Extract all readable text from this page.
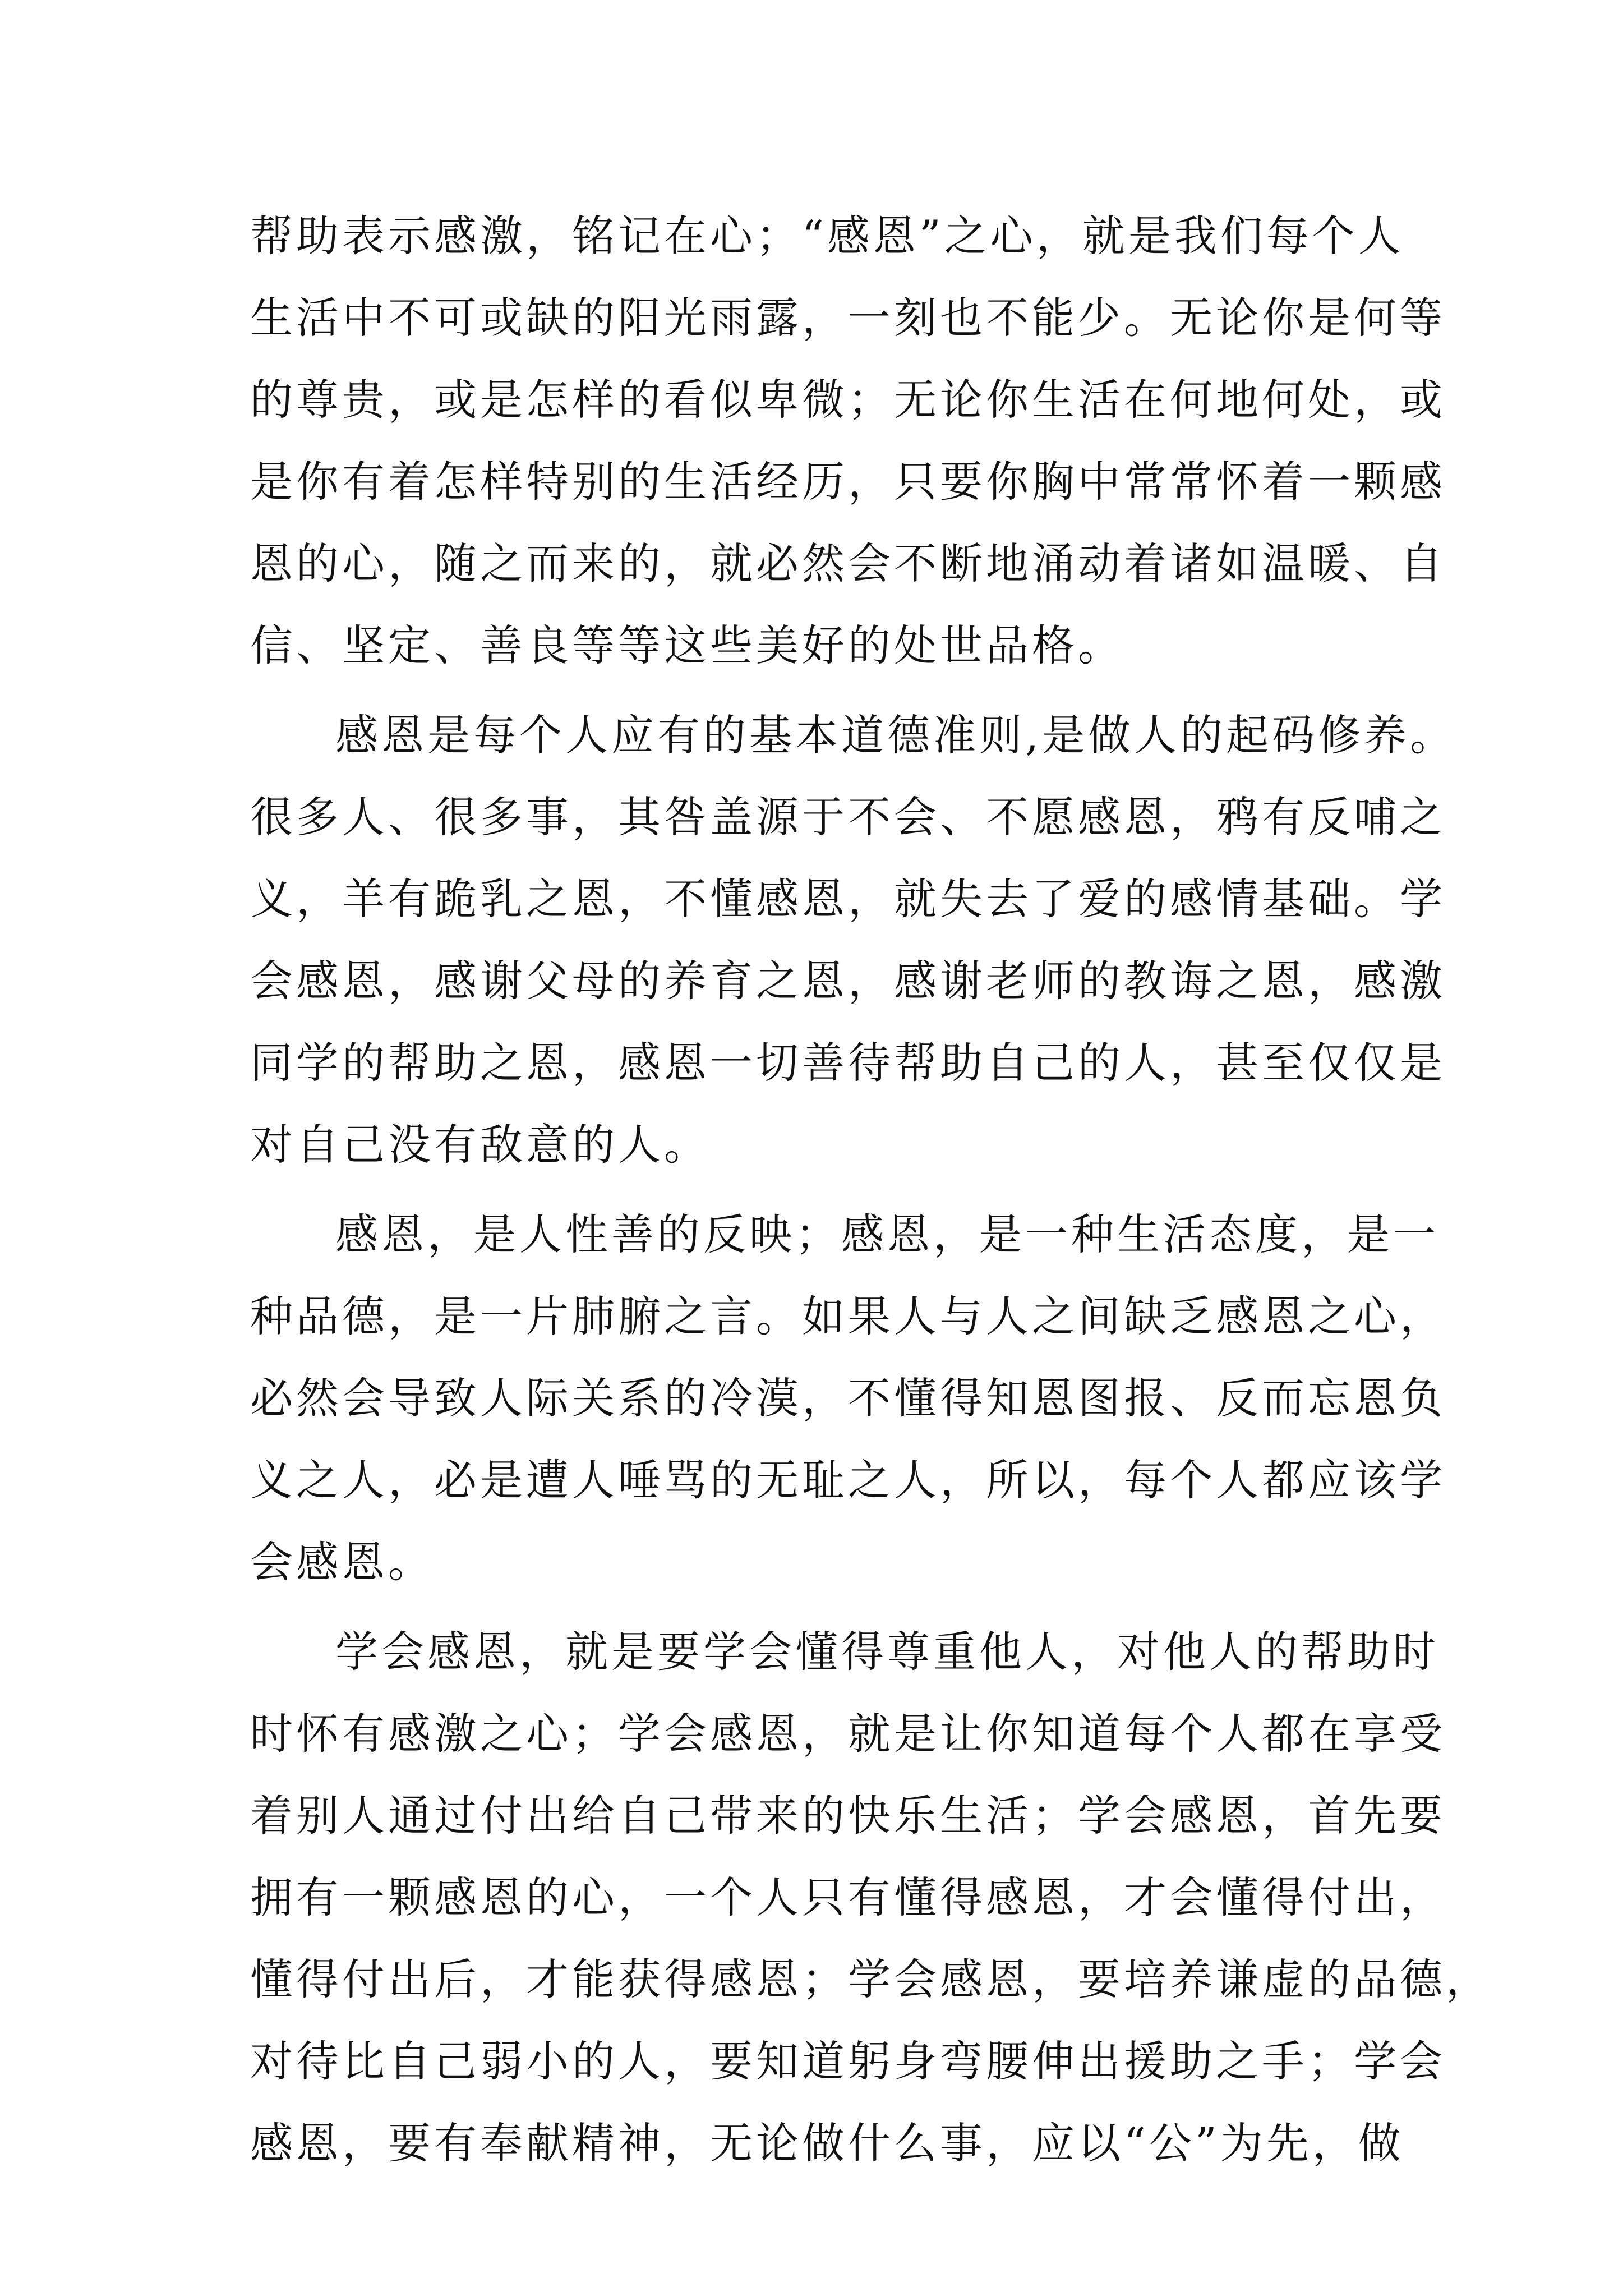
帮 助 表 示 感 激 ， 铭 记 在 心 ； “ 感 恩 ” 之 心 ， 就 是 我 们 每 个 人
生 活 中 不 可 或 缺 的 阳 光 雨 露 ， 一 刻 也 不 能 少 。 无 论 你 是 何 等
的 尊 贵 ， 或 是 怎 样 的 看 似 卑 微 ； 无 论 你 生 活 在 何 地 何 处 ， 或
是 你 有 着 怎 样 特 别 的 生 活 经 历 ， 只 要 你 胸 中 常 常 怀 着 一 颗 感
恩 的 心 ， 随 之 而 来 的 ， 就 必 然 会 不 断 地 涌 动 着 诸 如 温 暖 、 自
信、坚定、善良等等这些美好的处世品格。
感 恩 是 每 个 人 应 有 的 基 本 道 德 准 则 , 是 做 人 的 起 码 修 养 。
很 多 人 、 很 多 事 ， 其 咎 盖 源 于 不 会 、 不 愿 感 恩 ， 鸦 有 反 哺 之
义 ， 羊 有 跪 乳 之 恩 ， 不 懂 感 恩 ， 就 失 去 了 爱 的 感 情 基 础 。 学
会 感 恩 ， 感 谢 父 母 的 养 育 之 恩 ， 感 谢 老 师 的 教 诲 之 恩 ， 感 激
同 学 的 帮 助 之 恩 ， 感 恩 一 切 善 待 帮 助 自 己 的 人 ， 甚 至 仅 仅 是
对自己没有敌意的人。
感 恩 ， 是 人 性 善 的 反 映 ； 感 恩 ， 是 一 种 生 活 态 度 ， 是 一
种 品 德 ， 是 一 片 肺 腑 之 言 。 如 果 人 与 人 之 间 缺 乏 感 恩 之 心 ，
必 然 会 导 致 人 际 关 系 的 冷 漠 ， 不 懂 得 知 恩 图 报 、 反 而 忘 恩 负
义 之 人 ， 必 是 遭 人 唾 骂 的 无 耻 之 人 ， 所 以 ， 每 个 人 都 应 该 学
会感恩。
学 会 感 恩 ， 就 是 要 学 会 懂 得 尊 重 他 人 ， 对 他 人 的 帮 助 时
时 怀 有 感 激 之 心 ； 学 会 感 恩 ， 就 是 让 你 知 道 每 个 人 都 在 享 受
着 别 人 通 过 付 出 给 自 己 带 来 的 快 乐 生 活 ； 学 会 感 恩 ， 首 先 要
拥 有 一 颗 感 恩 的 心 ， 一 个 人 只 有 懂 得 感 恩 ， 才 会 懂 得 付 出 ，
懂 得 付 出 后 ， 才 能 获 得 感 恩 ； 学 会 感 恩 ， 要 培 养 谦 虚 的 品 德 ，
对 待 比 自 己 弱 小 的 人 ， 要 知 道 躬 身 弯 腰 伸 出 援 助 之 手 ； 学 会
感 恩 ， 要 有 奉 献 精 神 ， 无 论 做 什 么 事 ， 应 以 “ 公 ” 为 先 ， 做
